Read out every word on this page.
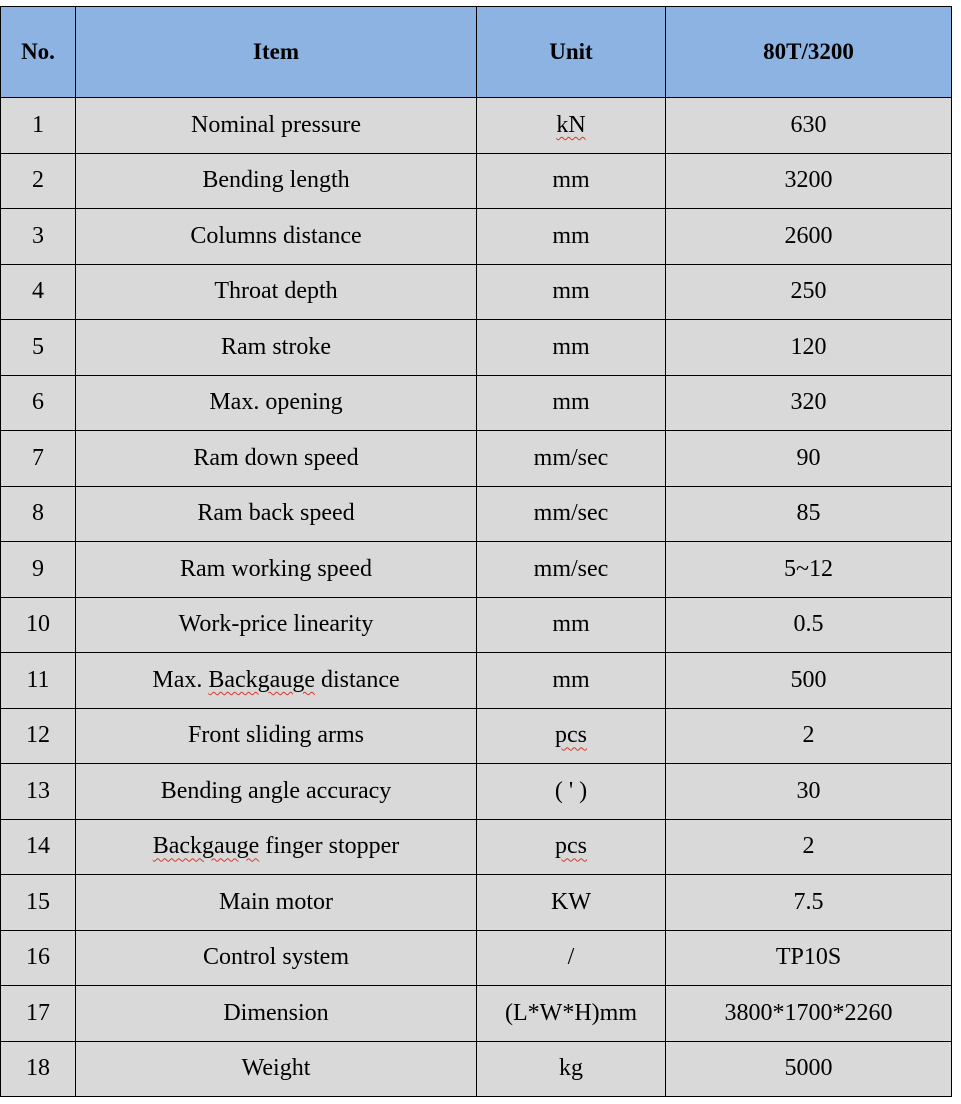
No.	Item	Unit	80T/3200
1	Nominal pressure	kN	630
2	Bending length	mm	3200
3	Columns distance	mm	2600
4	Throat depth	mm	250
5	Ram stroke	mm	120
6	Max. opening	mm	320
7	Ram down speed	mm/sec	90
8	Ram back speed	mm/sec	85
9	Ram working speed	mm/sec	5~12
10	Work-price linearity	mm	0.5
11	Max. Backgauge distance	mm	500
12	Front sliding arms	pcs	2
13	Bending angle accuracy	( ' )	30
14	Backgauge finger stopper	pcs	2
15	Main motor	KW	7.5
16	Control system	/	TP10S
17	Dimension	(L*W*H)mm	3800*1700*2260
18	Weight	kg	5000
